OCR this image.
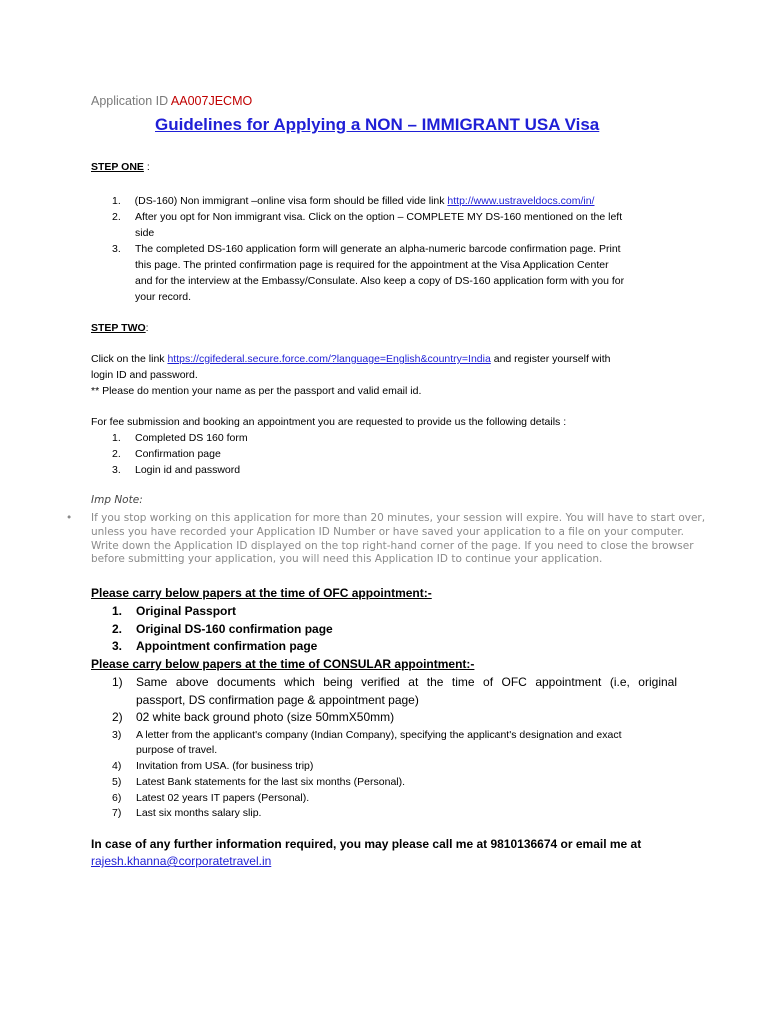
Application ID AA007JECMO
Guidelines for Applying a NON – IMMIGRANT USA Visa
STEP ONE :
1.  (DS-160) Non immigrant –online visa form should be filled vide link http://www.ustraveldocs.com/in/
2. After you opt for Non immigrant visa. Click on the option – COMPLETE MY DS-160 mentioned on the left
side
3. The completed DS-160 application form will generate an alpha-numeric barcode confirmation page. Print
this page. The printed confirmation page is required for the appointment at the Visa Application Center
and for the interview at the Embassy/Consulate. Also keep a copy of DS-160 application form with you for
your record.
STEP TWO:
Click on the link https://cgifederal.secure.force.com/?language=English&country=India and register yourself with
login ID and password.
** Please do mention your name as per the passport and valid email id.
For fee submission and booking an appointment you are requested to provide us the following details :
1. Completed DS 160 form
2. Confirmation page
3. Login id and password
Imp Note:
• If you stop working on this application for more than 20 minutes, your session will expire. You will have to start over,
unless you have recorded your Application ID Number or have saved your application to a file on your computer.
Write down the Application ID displayed on the top right-hand corner of the page. If you need to close the browser
before submitting your application, you will need this Application ID to continue your application.
Please carry below papers at the time of OFC appointment:-
1. Original Passport
2. Original DS-160 confirmation page
3. Appointment confirmation page
Please carry below papers at the time of CONSULAR appointment:-
1) Same above documents which being verified at the time of OFC appointment (i.e, original
passport, DS confirmation page & appointment page)
2) 02 white back ground photo (size 50mmX50mm)
3) A letter from the applicant's company (Indian Company), specifying the applicant's designation and exact
purpose of travel.
4) Invitation from USA. (for business trip)
5) Latest Bank statements for the last six months (Personal).
6) Latest 02 years IT papers (Personal).
7) Last six months salary slip.
In case of any further information required, you may please call me at 9810136674 or email me at
rajesh.khanna@corporatetravel.in
